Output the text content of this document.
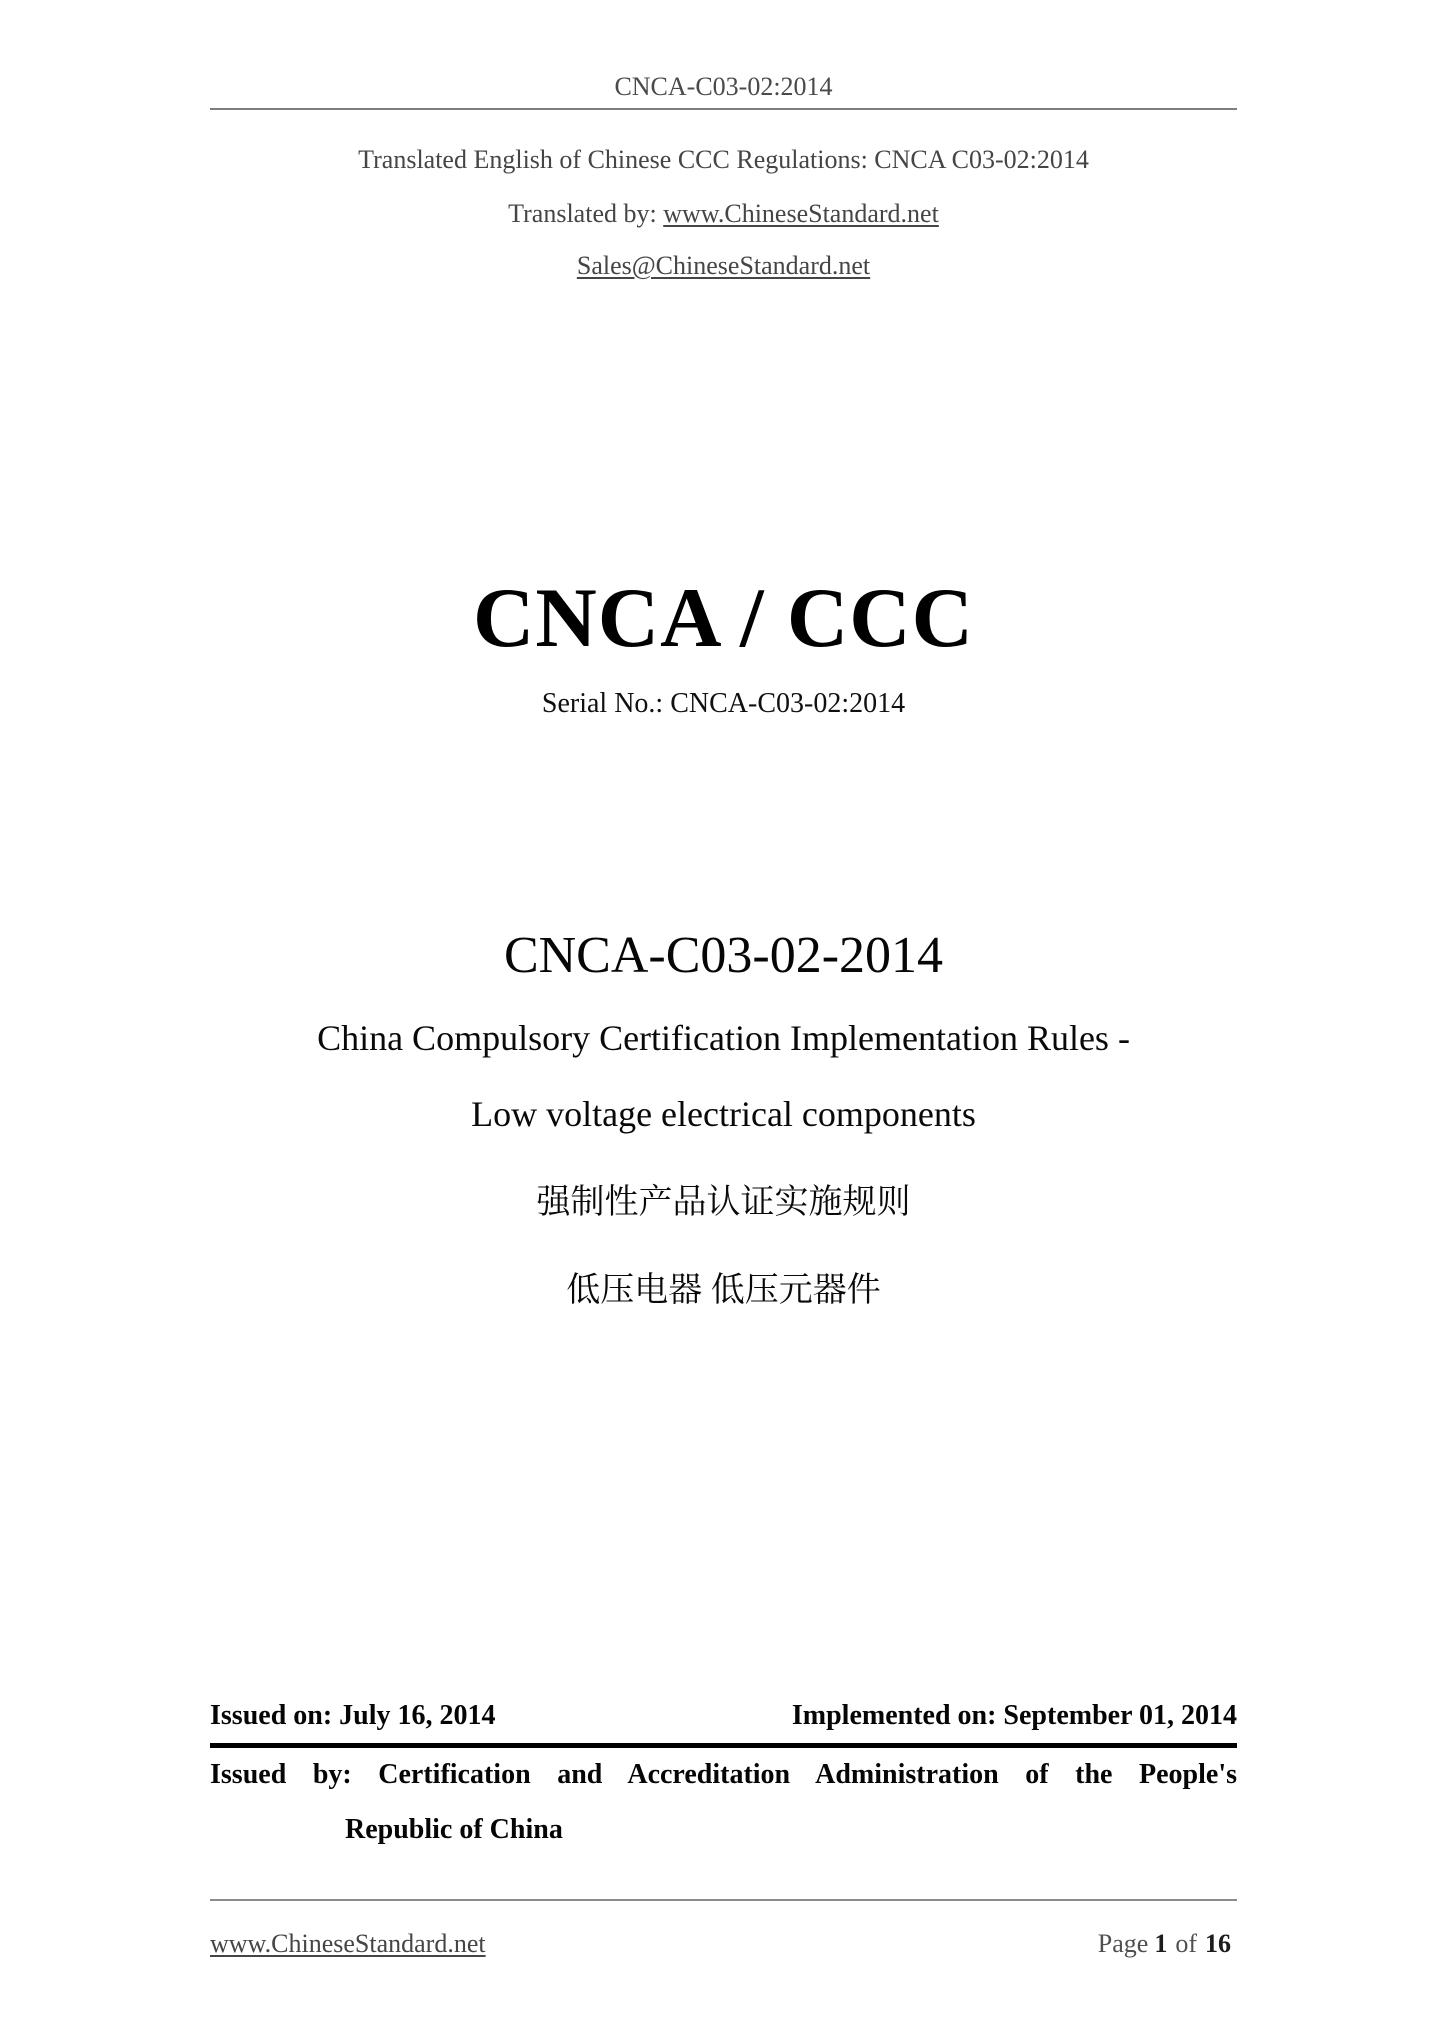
CNCA-C03-02:2014
Translated English of Chinese CCC Regulations: CNCA C03-02:2014
Translated by: www.ChineseStandard.net
Sales@ChineseStandard.net
CNCA / CCC
Serial No.: CNCA-C03-02:2014
CNCA-C03-02-2014
China Compulsory Certification Implementation Rules -
Low voltage electrical components
强制性产品认证实施规则
低压电器 低压元器件
Issued on: July 16, 2014	Implemented on: September 01, 2014
Issued by: Certification and Accreditation Administration of the People's
Republic of China
www.ChineseStandard.net	Page 1 of 16
